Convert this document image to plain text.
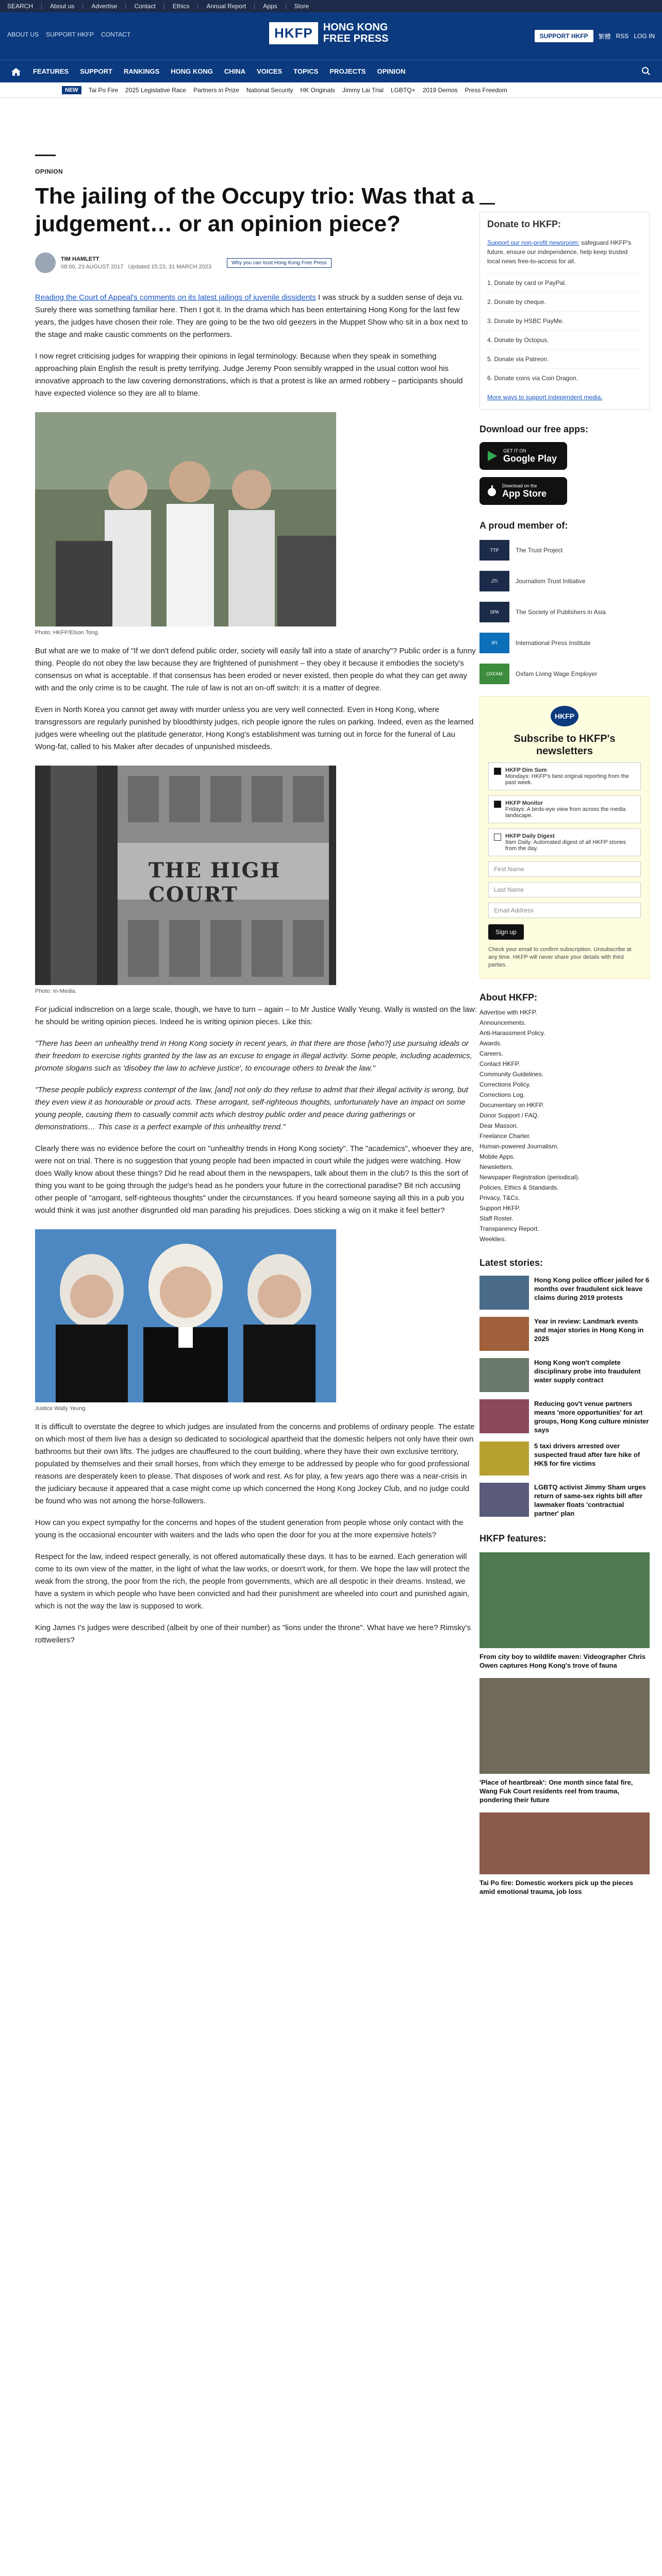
SEARCH	About us	Advertise	Contact	Ethics	Annual Report	Apps	Store
ABOUT US SUPPORT HKFP CONTACT	HKFP	HONG KONG
FREE PRESS	SUPPORT HKFP	繁體 RSS LOG IN
FEATURES SUPPORT RANKINGS HONG KONG CHINA VOICES TOPICS PROJECTS OPINION
NEW	Tai Po Fire 2025 Legislative Race Partners in Prize National Security HK Originals Jimmy Lai Trial LGBTQ+ 2019 Demos Press Freedom
OPINION
The jailing of the Occupy trio: Was that a judgement… or an opinion piece?
TIM HAMLETT
08:00, 23 AUGUST 2017 Updated 15:23, 31 MARCH 2023
Why you can trust Hong Kong Free Press

Reading the Court of Appeal's comments on its latest jailings of juvenile dissidents I was struck by a sudden sense of deja vu. Surely there was something familiar here. Then I got it. In the drama which has been entertaining Hong Kong for the last few years, the judges have chosen their role. They are going to be the two old geezers in the Muppet Show who sit in a box next to the stage and make caustic comments on the performers.

I now regret criticising judges for wrapping their opinions in legal terminology. Because when they speak in something approaching plain English the result is pretty terrifying. Judge Jeremy Poon sensibly wrapped in the usual cotton wool his innovative approach to the law covering demonstrations, which is that a protest is like an armed robbery – participants should have expected violence so they are all to blame.

Photo: HKFP/Elson Tong.

But what are we to make of "If we don't defend public order, society will easily fall into a state of anarchy"? Public order is a funny thing. People do not obey the law because they are frightened of punishment – they obey it because it embodies the society's consensus on what is acceptable. If that consensus has been eroded or never existed, then people do what they can get away with and the only crime is to be caught. The rule of law is not an on-off switch: it is a matter of degree.

Even in North Korea you cannot get away with murder unless you are very well connected. Even in Hong Kong, where transgressors are regularly punished by bloodthirsty judges, rich people ignore the rules on parking. Indeed, even as the learned judges were wheeling out the platitude generator, Hong Kong's establishment was turning out in force for the funeral of Lau Wong-fat, called to his Maker after decades of unpunished misdeeds.

THE HIGH COURT
Photo: In-Media.

For judicial indiscretion on a large scale, though, we have to turn – again – to Mr Justice Wally Yeung. Wally is wasted on the law: he should be writing opinion pieces. Indeed he is writing opinion pieces. Like this:

"There has been an unhealthy trend in Hong Kong society in recent years, in that there are those [who?] use pursuing ideals or their freedom to exercise rights granted by the law as an excuse to engage in illegal activity. Some people, including academics, promote slogans such as 'disobey the law to achieve justice', to encourage others to break the law."
"These people publicly express contempt of the law, [and] not only do they refuse to admit that their illegal activity is wrong, but they even view it as honourable or proud acts. These arrogant, self-righteous thoughts, unfortunately have an impact on some young people, causing them to casually commit acts which destroy public order and peace during gatherings or demonstrations… This case is a perfect example of this unhealthy trend."

Clearly there was no evidence before the court on "unhealthy trends in Hong Kong society". The "academics", whoever they are, were not on trial. There is no suggestion that young people had been impacted in court while the judges were watching. How does Wally know about these things? Did he read about them in the newspapers, talk about them in the club? Is this the sort of thing you want to be going through the judge's head as he ponders your future in the correctional paradise? Bit rich accusing other people of "arrogant, self-righteous thoughts" under the circumstances. If you heard someone saying all this in a pub you would think it was just another disgruntled old man parading his prejudices. Does sticking a wig on it make it feel better?

Justice Wally Yeung.

It is difficult to overstate the degree to which judges are insulated from the concerns and problems of ordinary people. The estate on which most of them live has a design so dedicated to sociological apartheid that the domestic helpers not only have their own bathrooms but their own lifts. The judges are chauffeured to the court building, where they have their own exclusive territory, populated by themselves and their small horses, from which they emerge to be addressed by people who for good professional reasons are desperately keen to please. That disposes of work and rest. As for play, a few years ago there was a near-crisis in the judiciary because it appeared that a case might come up which concerned the Hong Kong Jockey Club, and no judge could be found who was not among the horse-followers.

How can you expect sympathy for the concerns and hopes of the student generation from people whose only contact with the young is the occasional encounter with waiters and the lads who open the door for you at the more expensive hotels?

Respect for the law, indeed respect generally, is not offered automatically these days. It has to be earned. Each generation will come to its own view of the matter, in the light of what the law works, or doesn't work, for them. We hope the law will protect the weak from the strong, the poor from the rich, the people from governments, which are all despotic in their dreams. Instead, we have a system in which people who have been convicted and had their punishment are wheeled into court and punished again, which is not the way the law is supposed to work.

King James I's judges were described (albeit by one of their number) as "lions under the throne". What have we here? Rimsky's rottweilers?

Donate to HKFP:
Support our non-profit newsroom: safeguard HKFP's future, ensure our independence, help keep trusted local news free-to-access for all.
1. Donate by card or PayPal.
2. Donate by cheque.
3. Donate by HSBC PayMe.
4. Donate by Octopus.
5. Donate via Patreon.
6. Donate coins via Coin Dragon.
More ways to support independent media.
Download our free apps:
GET IT ON
Google Play
Download on the
App Store
A proud member of:
TTP	The Trust Project
JTI	Journalism Trust Initiative
SPA	The Society of Publishers in Asia
IPI	International Press Institute
OXFAM	Oxfam Living Wage Employer
HKFP
Subscribe to HKFP's newsletters
HKFP Dim Sum
Mondays: HKFP's best original reporting from the past week.
HKFP Monitor
Fridays: A birds-eye view from across the media landscape.
HKFP Daily Digest
9am Daily: Automated digest of all HKFP stories from the day.
First Name
Last Name
Email Address
Sign up
Check your email to confirm subscription. Unsubscribe at any time. HKFP will never share your details with third parties.
About HKFP:
Advertise with HKFP.
Announcements.
Anti-Harassment Policy.
Awards.
Careers.
Contact HKFP.
Community Guidelines.
Corrections Policy.
Corrections Log.
Documentary on HKFP.
Donor Support / FAQ.
Dear Masson.
Freelance Charter.
Human-powered Journalism.
Mobile Apps.
Newsletters.
Newspaper Registration (periodical).
Policies, Ethics & Standards.
Privacy, T&Cs.
Support HKFP.
Staff Roster.
Transparency Report.
Weeklies.
Latest stories:
Hong Kong police officer jailed for 6 months over fraudulent sick leave claims during 2019 protests
Year in review: Landmark events and major stories in Hong Kong in 2025
Hong Kong won't complete disciplinary probe into fraudulent water supply contract
Reducing gov't venue partners means 'more opportunities' for art groups, Hong Kong culture minister says
5 taxi drivers arrested over suspected fraud after fare hike of HK$ for fire victims
LGBTQ activist Jimmy Sham urges return of same-sex rights bill after lawmaker floats 'contractual partner' plan
HKFP features:
From city boy to wildlife maven: Videographer Chris Owen captures Hong Kong's trove of fauna
'Place of heartbreak': One month since fatal fire, Wang Fuk Court residents reel from trauma, pondering their future
Tai Po fire: Domestic workers pick up the pieces amid emotional trauma, job loss
